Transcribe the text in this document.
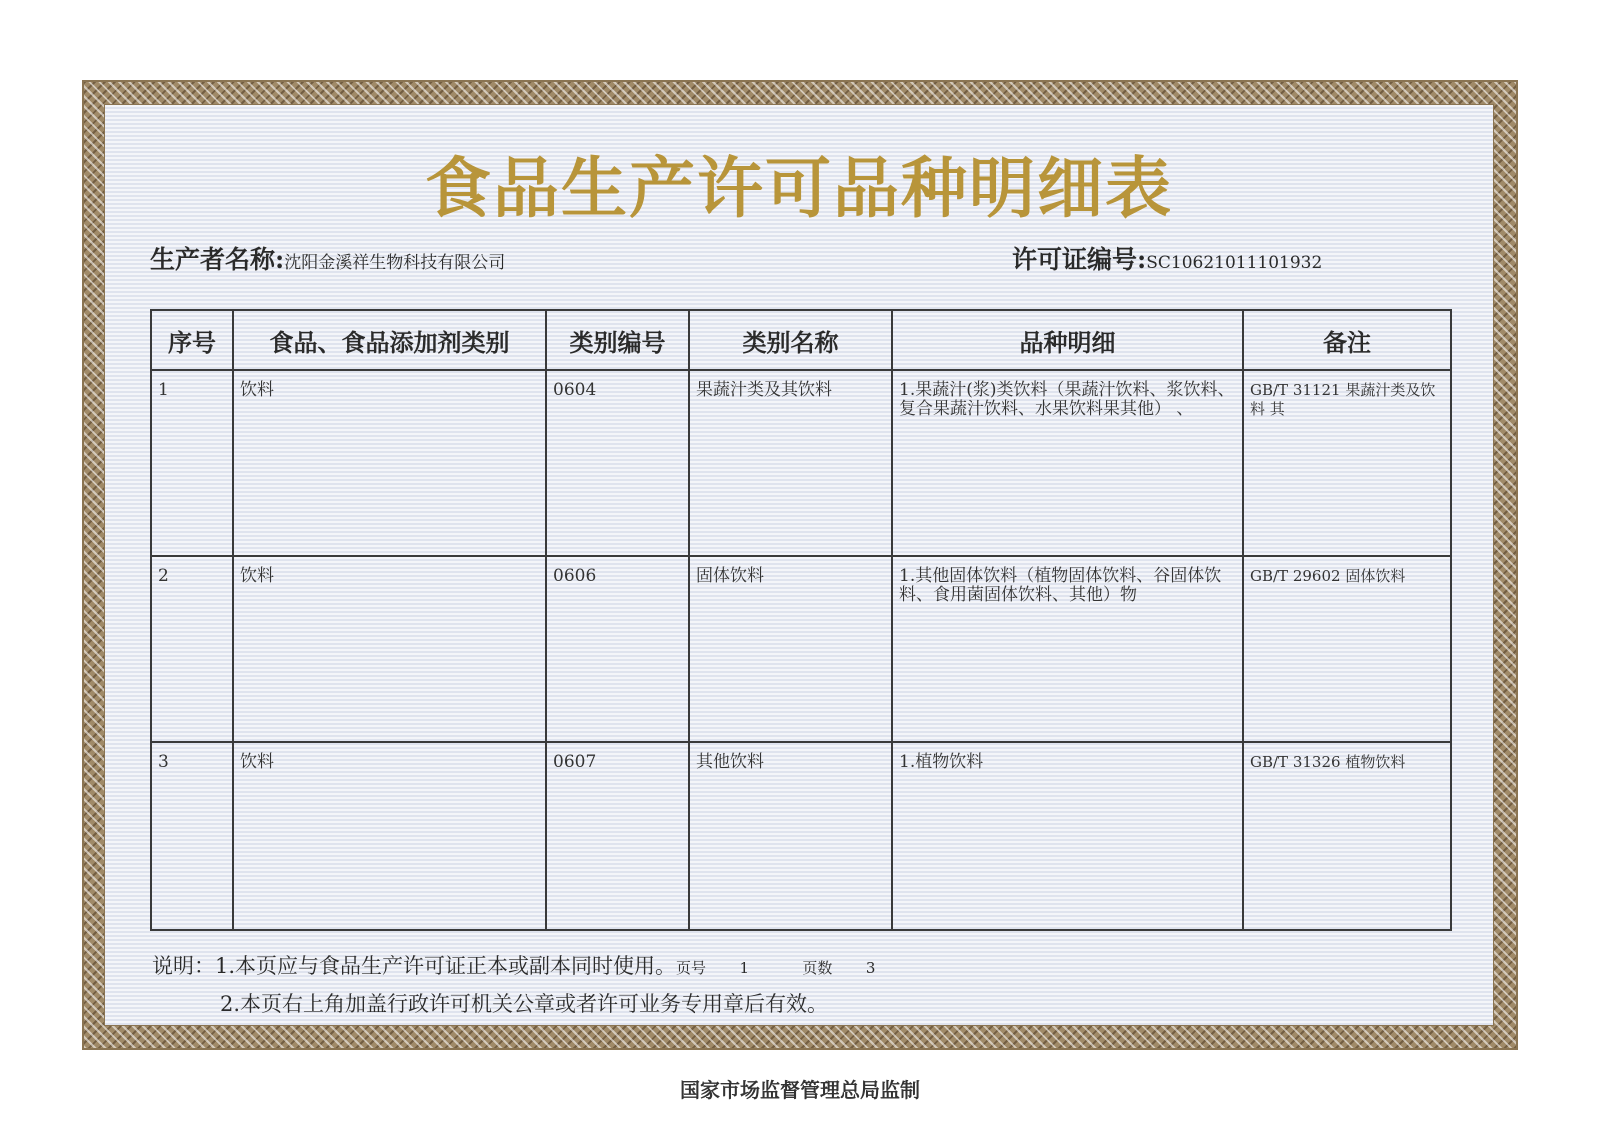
食品生产许可品种明细表
生产者名称:沈阳金溪祥生物科技有限公司	许可证编号:SC10621011101932
序号	食品、食品添加剂类别	类别编号	类别名称	品种明细	备注

1	饮料	0604	果蔬汁类及其饮料	1.果蔬汁(浆)类饮料（果蔬汁饮料、浆饮料、复合果蔬汁饮料、水果饮料果其他） 、	GB/T 31121 果蔬汁类及饮料 其

2	饮料	0606	固体饮料	1.其他固体饮料（植物固体饮料、谷固体饮料、食用菌固体饮料、其他）物	GB/T 29602 固体饮料

3	饮料	0607	其他饮料	1.植物饮料	GB/T 31326 植物饮料
说明：1.本页应与食品生产许可证正本或副本同时使用。页号 1	页数 3
2.本页右上角加盖行政许可机关公章或者许可业务专用章后有效。
国家市场监督管理总局监制
